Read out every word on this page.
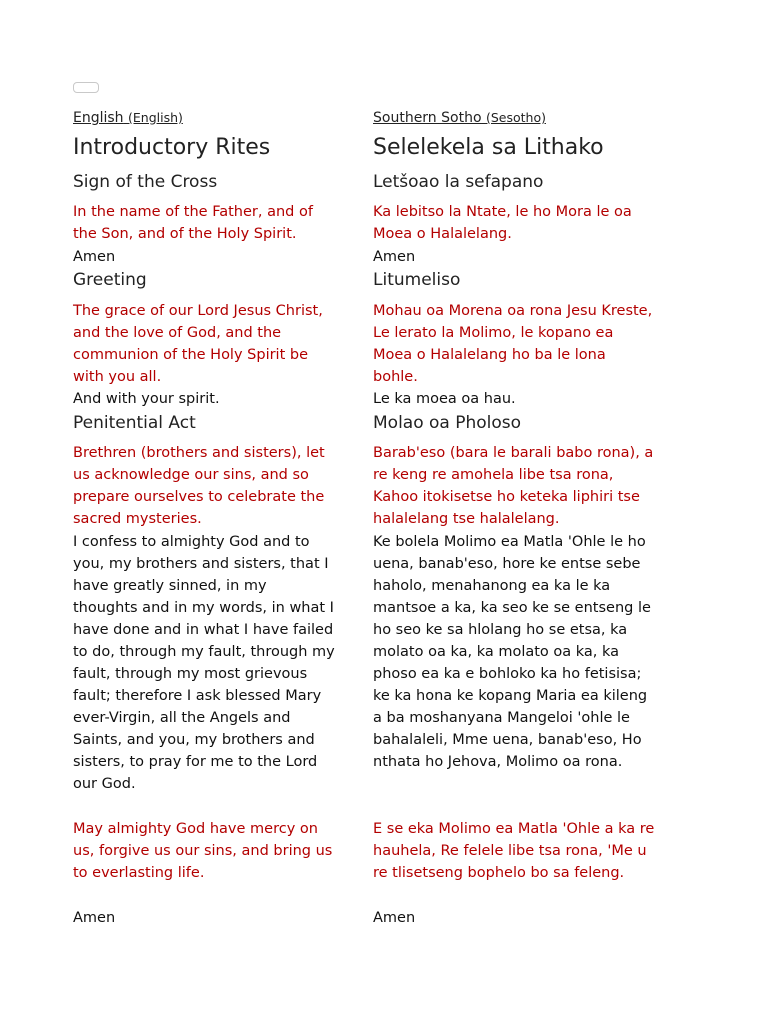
English (English)
Introductory Rites
Sign of the Cross
In the name of the Father, and of the Son, and of the Holy Spirit.
Amen
Greeting
The grace of our Lord Jesus Christ, and the love of God, and the communion of the Holy Spirit be with you all.
And with your spirit.
Penitential Act
Brethren (brothers and sisters), let us acknowledge our sins, and so prepare ourselves to celebrate the sacred mysteries.
I confess to almighty God and to you, my brothers and sisters, that I have greatly sinned, in my thoughts and in my words, in what I have done and in what I have failed to do, through my fault, through my fault, through my most grievous fault; therefore I ask blessed Mary ever-Virgin, all the Angels and Saints, and you, my brothers and sisters, to pray for me to the Lord our God.
May almighty God have mercy on us, forgive us our sins, and bring us to everlasting life.
Amen
Southern Sotho (Sesotho)
Selelekela sa Lithako
Letšoao la sefapano
Ka lebitso la Ntate, le ho Mora le oa Moea o Halalelang.
Amen
Litumeliso
Mohau oa Morena oa rona Jesu Kreste, Le lerato la Molimo, le kopano ea Moea o Halalelang ho ba le lona bohle.
Le ka moea oa hau.
Molao oa Pholoso
Barab'eso (bara le barali babo rona), a re keng re amohela libe tsa rona, Kahoo itokisetse ho keteka liphiri tse halalelang tse halalelang.
Ke bolela Molimo ea Matla 'Ohle le ho uena, banab'eso, hore ke entse sebe haholo, menahanong ea ka le ka mantsoe a ka, ka seo ke se entseng le ho seo ke sa hlolang ho se etsa, ka molato oa ka, ka molato oa ka, ka phoso ea ka e bohloko ka ho fetisisa; ke ka hona ke kopang Maria ea kileng a ba moshanyana Mangeloi 'ohle le bahalaleli, Mme uena, banab'eso, Ho nthata ho Jehova, Molimo oa rona.
E se eka Molimo ea Matla 'Ohle a ka re hauhela, Re felele libe tsa rona, 'Me u re tlisetseng bophelo bo sa feleng.
Amen
